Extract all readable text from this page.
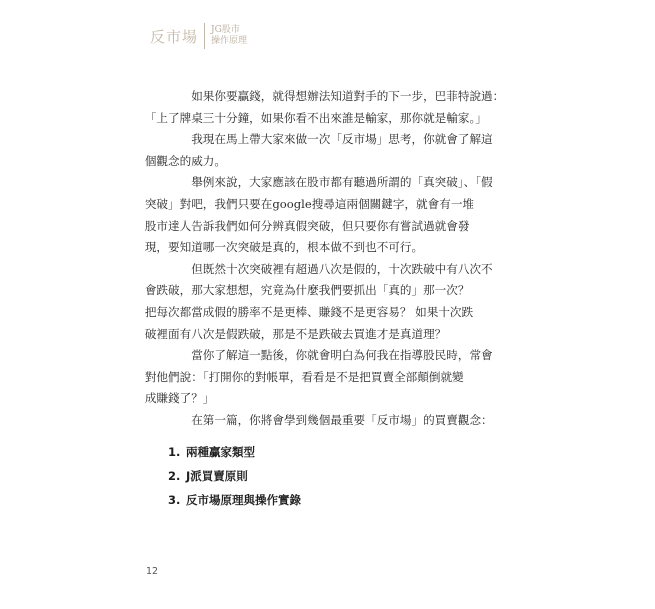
反市場 JG股市
操作原理

如果你要贏錢，就得想辦法知道對手的下一步，巴菲特說過：
「上了牌桌三十分鐘，如果你看不出來誰是輸家，那你就是輸家。」

我現在馬上帶大家來做一次「反市場」思考，你就會了解這
個觀念的威力。

舉例來說，大家應該在股市都有聽過所謂的「真突破」、「假
突破」對吧，我們只要在google搜尋這兩個關鍵字，就會有一堆
股市達人告訴我們如何分辨真假突破，但只要你有嘗試過就會發
現，要知道哪一次突破是真的，根本做不到也不可行。

但既然十次突破裡有超過八次是假的，十次跌破中有八次不
會跌破，那大家想想，究竟為什麼我們要抓出「真的」那一次？
把每次都當成假的勝率不是更棒、賺錢不是更容易？ 如果十次跌
破裡面有八次是假跌破，那是不是跌破去買進才是真道理？

當你了解這一點後，你就會明白為何我在指導股民時，常會
對他們說：「打開你的對帳單，看看是不是把買賣全部顛倒就變
成賺錢了？」

在第一篇，你將會學到幾個最重要「反市場」的買賣觀念：

1. 兩種贏家類型
2. J派買賣原則
3. 反市場原理與操作實錄
12
